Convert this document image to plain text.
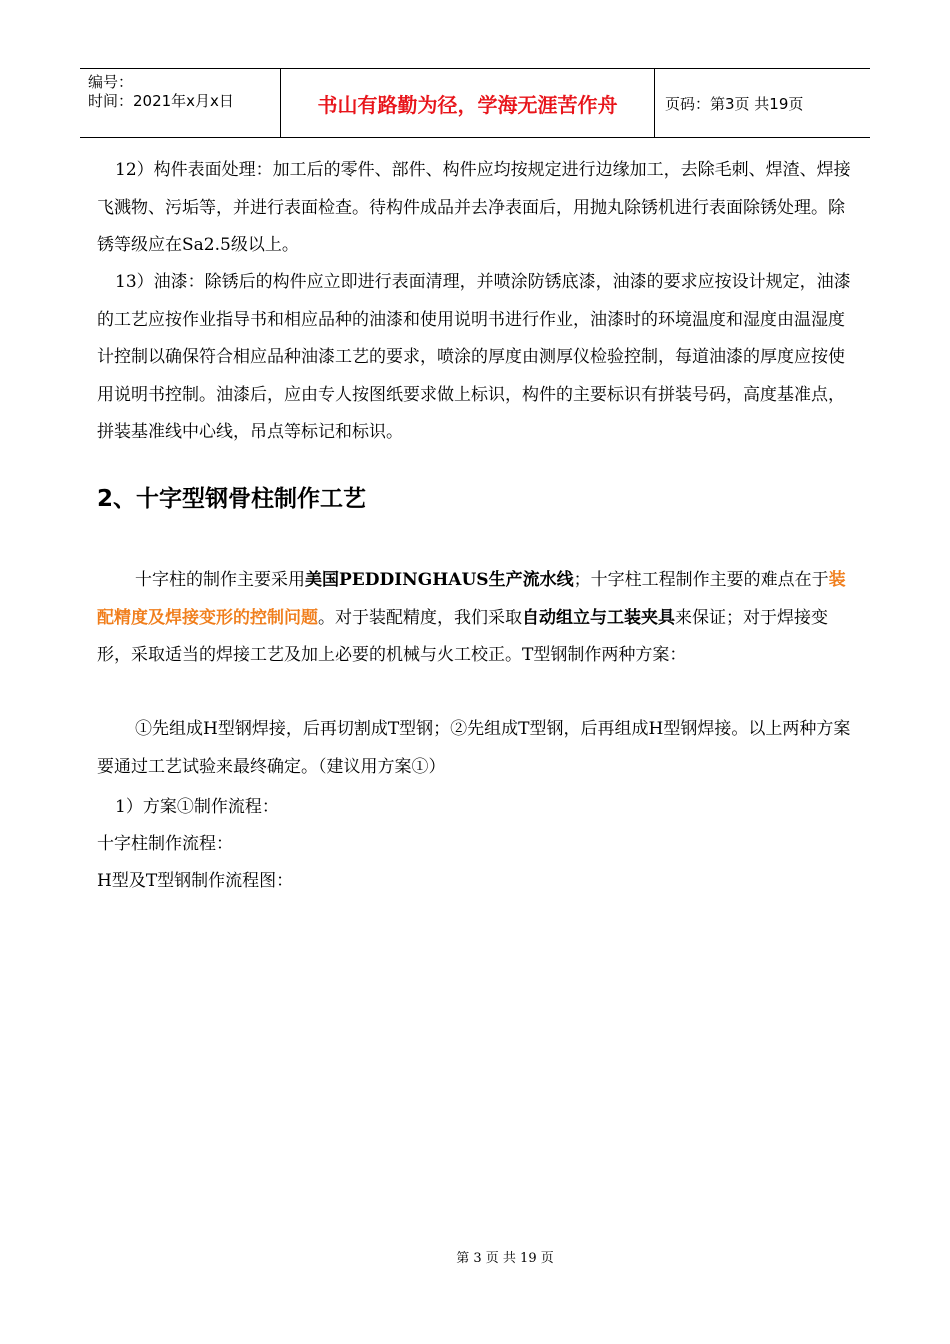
编号：
时间：2021年x月x日	书山有路勤为径，学海无涯苦作舟	页码：第3页 共19页

12）构件表面处理：加工后的零件、部件、构件应均按规定进行边缘加工，去除毛刺、焊渣、焊接飞溅物、污垢等，并进行表面检查。待构件成品并去净表面后，用抛丸除锈机进行表面除锈处理。除锈等级应在Sa2.5级以上。

13）油漆：除锈后的构件应立即进行表面清理，并喷涂防锈底漆，油漆的要求应按设计规定，油漆的工艺应按作业指导书和相应品种的油漆和使用说明书进行作业，油漆时的环境温度和湿度由温湿度计控制以确保符合相应品种油漆工艺的要求，喷涂的厚度由测厚仪检验控制，每道油漆的厚度应按使用说明书控制。油漆后，应由专人按图纸要求做上标识，构件的主要标识有拼装号码，高度基准点，拼装基准线中心线，吊点等标记和标识。

2、十字型钢骨柱制作工艺

十字柱的制作主要采用美国PEDDINGHAUS生产流水线；十字柱工程制作主要的难点在于装配精度及焊接变形的控制问题。对于装配精度，我们采取自动组立与工装夹具来保证；对于焊接变形，采取适当的焊接工艺及加上必要的机械与火工校正。T型钢制作两种方案：

①先组成H型钢焊接，后再切割成T型钢；②先组成T型钢，后再组成H型钢焊接。以上两种方案要通过工艺试验来最终确定。（建议用方案①）

1）方案①制作流程：

十字柱制作流程：

H型及T型钢制作流程图：

第 3 页 共 19 页
